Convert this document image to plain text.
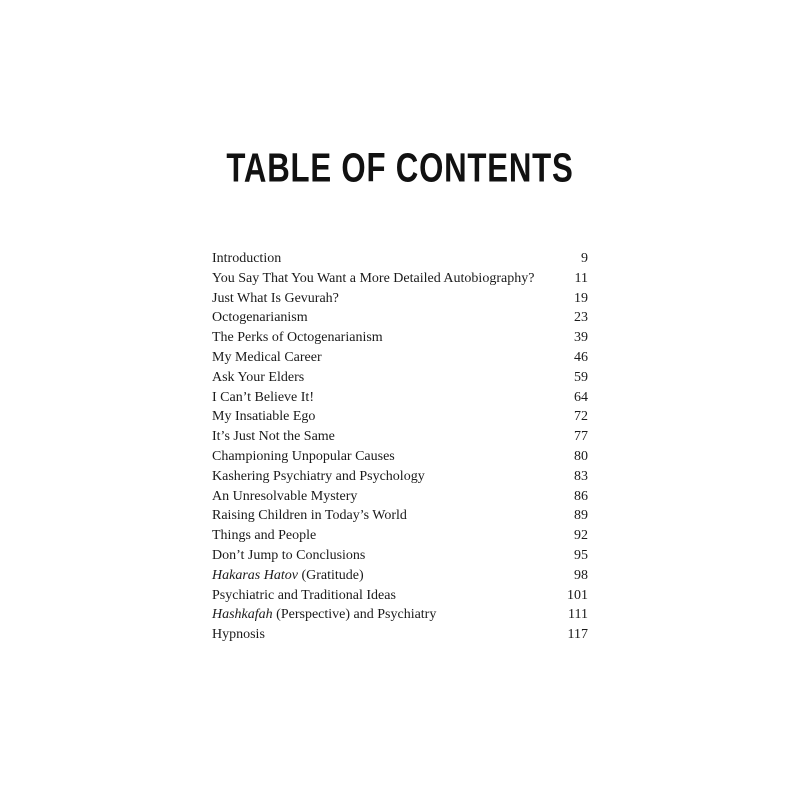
TABLE OF CONTENTS
Introduction	9
You Say That You Want a More Detailed Autobiography?	11
Just What Is Gevurah?	19
Octogenarianism	23
The Perks of Octogenarianism	39
My Medical Career	46
Ask Your Elders	59
I Can’t Believe It!	64
My Insatiable Ego	72
It’s Just Not the Same	77
Championing Unpopular Causes	80
Kashering Psychiatry and Psychology	83
An Unresolvable Mystery	86
Raising Children in Today’s World	89
Things and People	92
Don’t Jump to Conclusions	95
Hakaras Hatov (Gratitude)	98
Psychiatric and Traditional Ideas	101
Hashkafah (Perspective) and Psychiatry	111
Hypnosis	117
